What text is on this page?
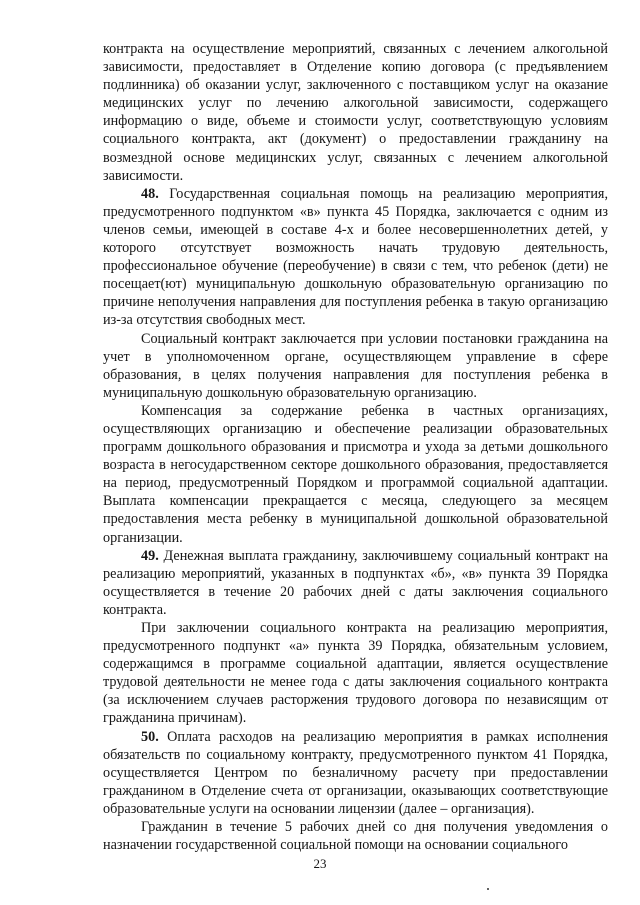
контракта на осуществление мероприятий, связанных с лечением алкогольной зависимости, предоставляет в Отделение копию договора (с предъявлением подлинника) об оказании услуг, заключенного с поставщиком услуг на оказание медицинских услуг по лечению алкогольной зависимости, содержащего информацию о виде, объеме и стоимости услуг, соответствующую условиям социального контракта, акт (документ) о предоставлении гражданину на возмездной основе медицинских услуг, связанных с лечением алкогольной зависимости.

48. Государственная социальная помощь на реализацию мероприятия, предусмотренного подпунктом «в» пункта 45 Порядка, заключается с одним из членов семьи, имеющей в составе 4-х и более несовершеннолетних детей, у которого отсутствует возможность начать трудовую деятельность, профессиональное обучение (переобучение) в связи с тем, что ребенок (дети) не посещает(ют) муниципальную дошкольную образовательную организацию по причине неполучения направления для поступления ребенка в такую организацию из-за отсутствия свободных мест.

Социальный контракт заключается при условии постановки гражданина на учет в уполномоченном органе, осуществляющем управление в сфере образования, в целях получения направления для поступления ребенка в муниципальную дошкольную образовательную организацию.

Компенсация за содержание ребенка в частных организациях, осуществляющих организацию и обеспечение реализации образовательных программ дошкольного образования и присмотра и ухода за детьми дошкольного возраста в негосударственном секторе дошкольного образования, предоставляется на период, предусмотренный Порядком и программой социальной адаптации. Выплата компенсации прекращается с месяца, следующего за месяцем предоставления места ребенку в муниципальной дошкольной образовательной организации.

49. Денежная выплата гражданину, заключившему социальный контракт на реализацию мероприятий, указанных в подпунктах «б», «в» пункта 39 Порядка осуществляется в течение 20 рабочих дней с даты заключения социального контракта.

При заключении социального контракта на реализацию мероприятия, предусмотренного подпункт «а» пункта 39 Порядка, обязательным условием, содержащимся в программе социальной адаптации, является осуществление трудовой деятельности не менее года с даты заключения социального контракта (за исключением случаев расторжения трудового договора по независящим от гражданина причинам).

50. Оплата расходов на реализацию мероприятия в рамках исполнения обязательств по социальному контракту, предусмотренного пунктом 41 Порядка, осуществляется Центром по безналичному расчету при предоставлении гражданином в Отделение счета от организации, оказывающих соответствующие образовательные услуги на основании лицензии (далее – организация).

Гражданин в течение 5 рабочих дней со дня получения уведомления о назначении государственной социальной помощи на основании социального

23
